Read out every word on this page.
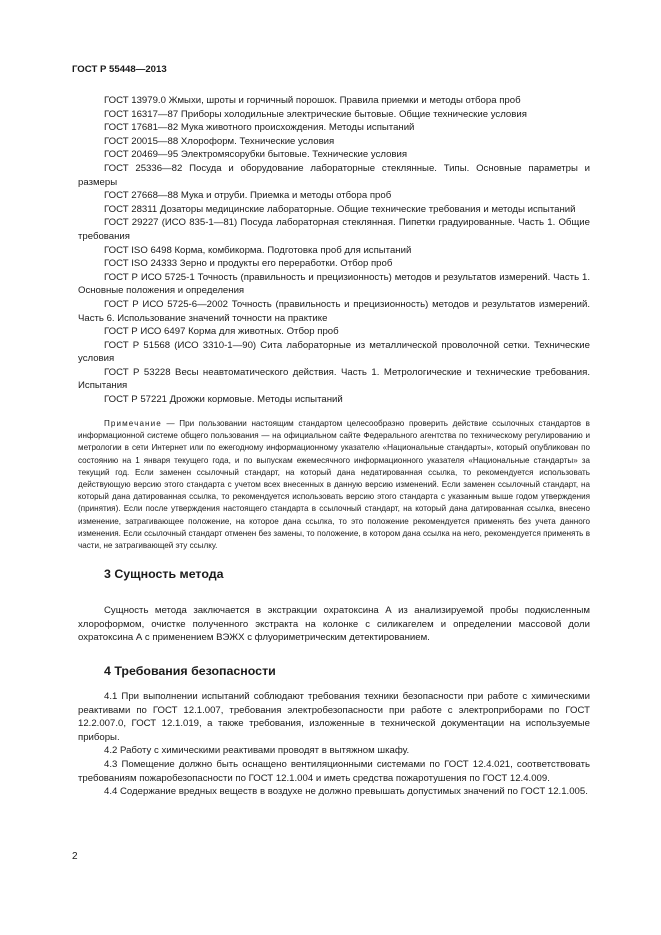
ГОСТ Р 55448—2013
ГОСТ 13979.0 Жмыхи, шроты и горчичный порошок. Правила приемки и методы отбора проб
ГОСТ 16317—87 Приборы холодильные электрические бытовые. Общие технические условия
ГОСТ 17681—82 Мука животного происхождения. Методы испытаний
ГОСТ 20015—88 Хлороформ. Технические условия
ГОСТ 20469—95 Электромясорубки бытовые. Технические условия
ГОСТ 25336—82 Посуда и оборудование лабораторные стеклянные. Типы. Основные параметры и размеры
ГОСТ 27668—88 Мука и отруби. Приемка и методы отбора проб
ГОСТ 28311 Дозаторы медицинские лабораторные. Общие технические требования и методы испытаний
ГОСТ 29227 (ИСО 835-1—81) Посуда лабораторная стеклянная. Пипетки градуированные. Часть 1. Общие требования
ГОСТ ISO 6498 Корма, комбикорма. Подготовка проб для испытаний
ГОСТ ISO 24333 Зерно и продукты его переработки. Отбор проб
ГОСТ Р ИСО 5725-1 Точность (правильность и прецизионность) методов и результатов измерений. Часть 1. Основные положения и определения
ГОСТ Р ИСО 5725-6—2002 Точность (правильность и прецизионность) методов и результатов измерений. Часть 6. Использование значений точности на практике
ГОСТ Р ИСО 6497 Корма для животных. Отбор проб
ГОСТ Р 51568 (ИСО 3310-1—90) Сита лабораторные из металлической проволочной сетки. Технические условия
ГОСТ Р 53228 Весы неавтоматического действия. Часть 1. Метрологические и технические требования. Испытания
ГОСТ Р 57221 Дрожжи кормовые. Методы испытаний
Примечание — При пользовании настоящим стандартом целесообразно проверить действие ссылочных стандартов в информационной системе общего пользования — на официальном сайте Федерального агентства по техническому регулированию и метрологии в сети Интернет или по ежегодному информационному указателю «Национальные стандарты», который опубликован по состоянию на 1 января текущего года, и по выпускам ежемесячного информационного указателя «Национальные стандарты» за текущий год. Если заменен ссылочный стандарт, на который дана недатированная ссылка, то рекомендуется использовать действующую версию этого стандарта с учетом всех внесенных в данную версию изменений. Если заменен ссылочный стандарт, на который дана датированная ссылка, то рекомендуется использовать версию этого стандарта с указанным выше годом утверждения (принятия). Если после утверждения настоящего стандарта в ссылочный стандарт, на который дана датированная ссылка, внесено изменение, затрагивающее положение, на которое дана ссылка, то это положение рекомендуется применять без учета данного изменения. Если ссылочный стандарт отменен без замены, то положение, в котором дана ссылка на него, рекомендуется применять в части, не затрагивающей эту ссылку.
3 Сущность метода

Сущность метода заключается в экстракции охратоксина А из анализируемой пробы подкисленным хлороформом, очистке полученного экстракта на колонке с силикагелем и определении массовой доли охратоксина А с применением ВЭЖХ с флуориметрическим детектированием.

4 Требования безопасности

4.1 При выполнении испытаний соблюдают требования техники безопасности при работе с химическими реактивами по ГОСТ 12.1.007, требования электробезопасности при работе с электроприборами по ГОСТ 12.2.007.0, ГОСТ 12.1.019, а также требования, изложенные в технической документации на используемые приборы.

4.2 Работу с химическими реактивами проводят в вытяжном шкафу.

4.3 Помещение должно быть оснащено вентиляционными системами по ГОСТ 12.4.021, соответствовать требованиям пожаробезопасности по ГОСТ 12.1.004 и иметь средства пожаротушения по ГОСТ 12.4.009.

4.4 Содержание вредных веществ в воздухе не должно превышать допустимых значений по ГОСТ 12.1.005.

2
